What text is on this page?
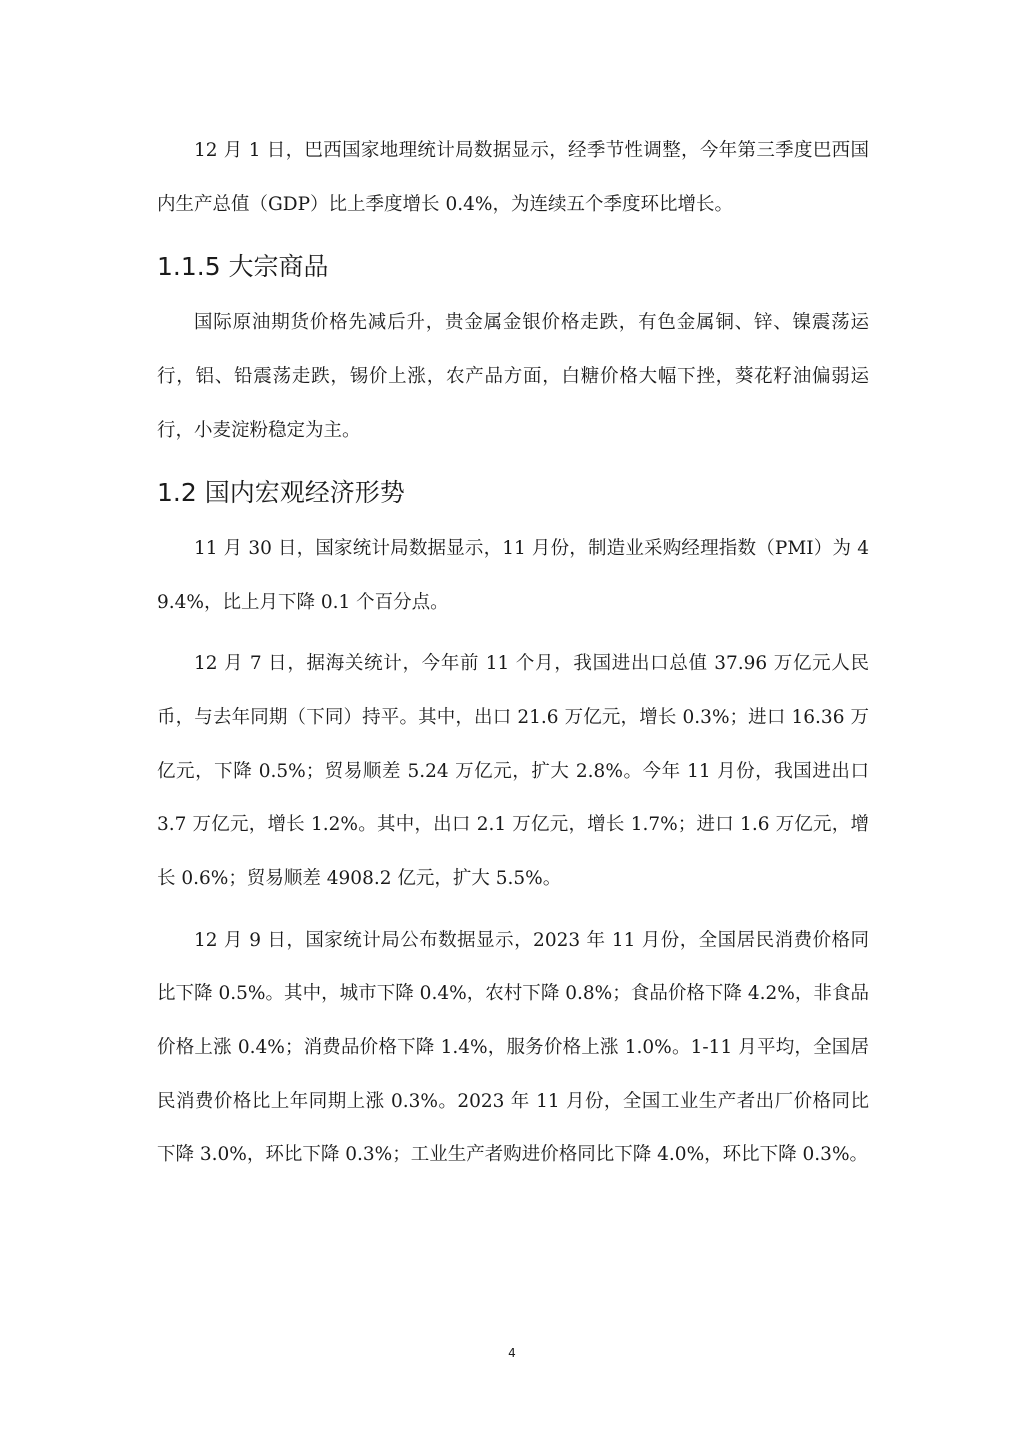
12 月 1 日，巴西国家地理统计局数据显示，经季节性调整，今年第三季度巴西国内生产总值（GDP）比上季度增长 0.4%，为连续五个季度环比增长。

1.1.5 大宗商品

国际原油期货价格先减后升，贵金属金银价格走跌，有色金属铜、锌、镍震荡运行，铝、铅震荡走跌，锡价上涨，农产品方面，白糖价格大幅下挫，葵花籽油偏弱运行，小麦淀粉稳定为主。

1.2 国内宏观经济形势

11 月 30 日，国家统计局数据显示，11 月份，制造业采购经理指数（PMI）为 49.4%，比上月下降 0.1 个百分点。

12 月 7 日，据海关统计，今年前 11 个月，我国进出口总值 37.96 万亿元人民币，与去年同期（下同）持平。其中，出口 21.6 万亿元，增长 0.3%；进口 16.36 万亿元，下降 0.5%；贸易顺差 5.24 万亿元，扩大 2.8%。今年 11 月份，我国进出口 3.7 万亿元，增长 1.2%。其中，出口 2.1 万亿元，增长 1.7%；进口 1.6 万亿元，增长 0.6%；贸易顺差 4908.2 亿元，扩大 5.5%。

12 月 9 日，国家统计局公布数据显示，2023 年 11 月份，全国居民消费价格同比下降 0.5%。其中，城市下降 0.4%，农村下降 0.8%；食品价格下降 4.2%，非食品价格上涨 0.4%；消费品价格下降 1.4%，服务价格上涨 1.0%。1-11 月平均，全国居民消费价格比上年同期上涨 0.3%。2023 年 11 月份，全国工业生产者出厂价格同比下降 3.0%，环比下降 0.3%；工业生产者购进价格同比下降 4.0%，环比下降 0.3%。

4
